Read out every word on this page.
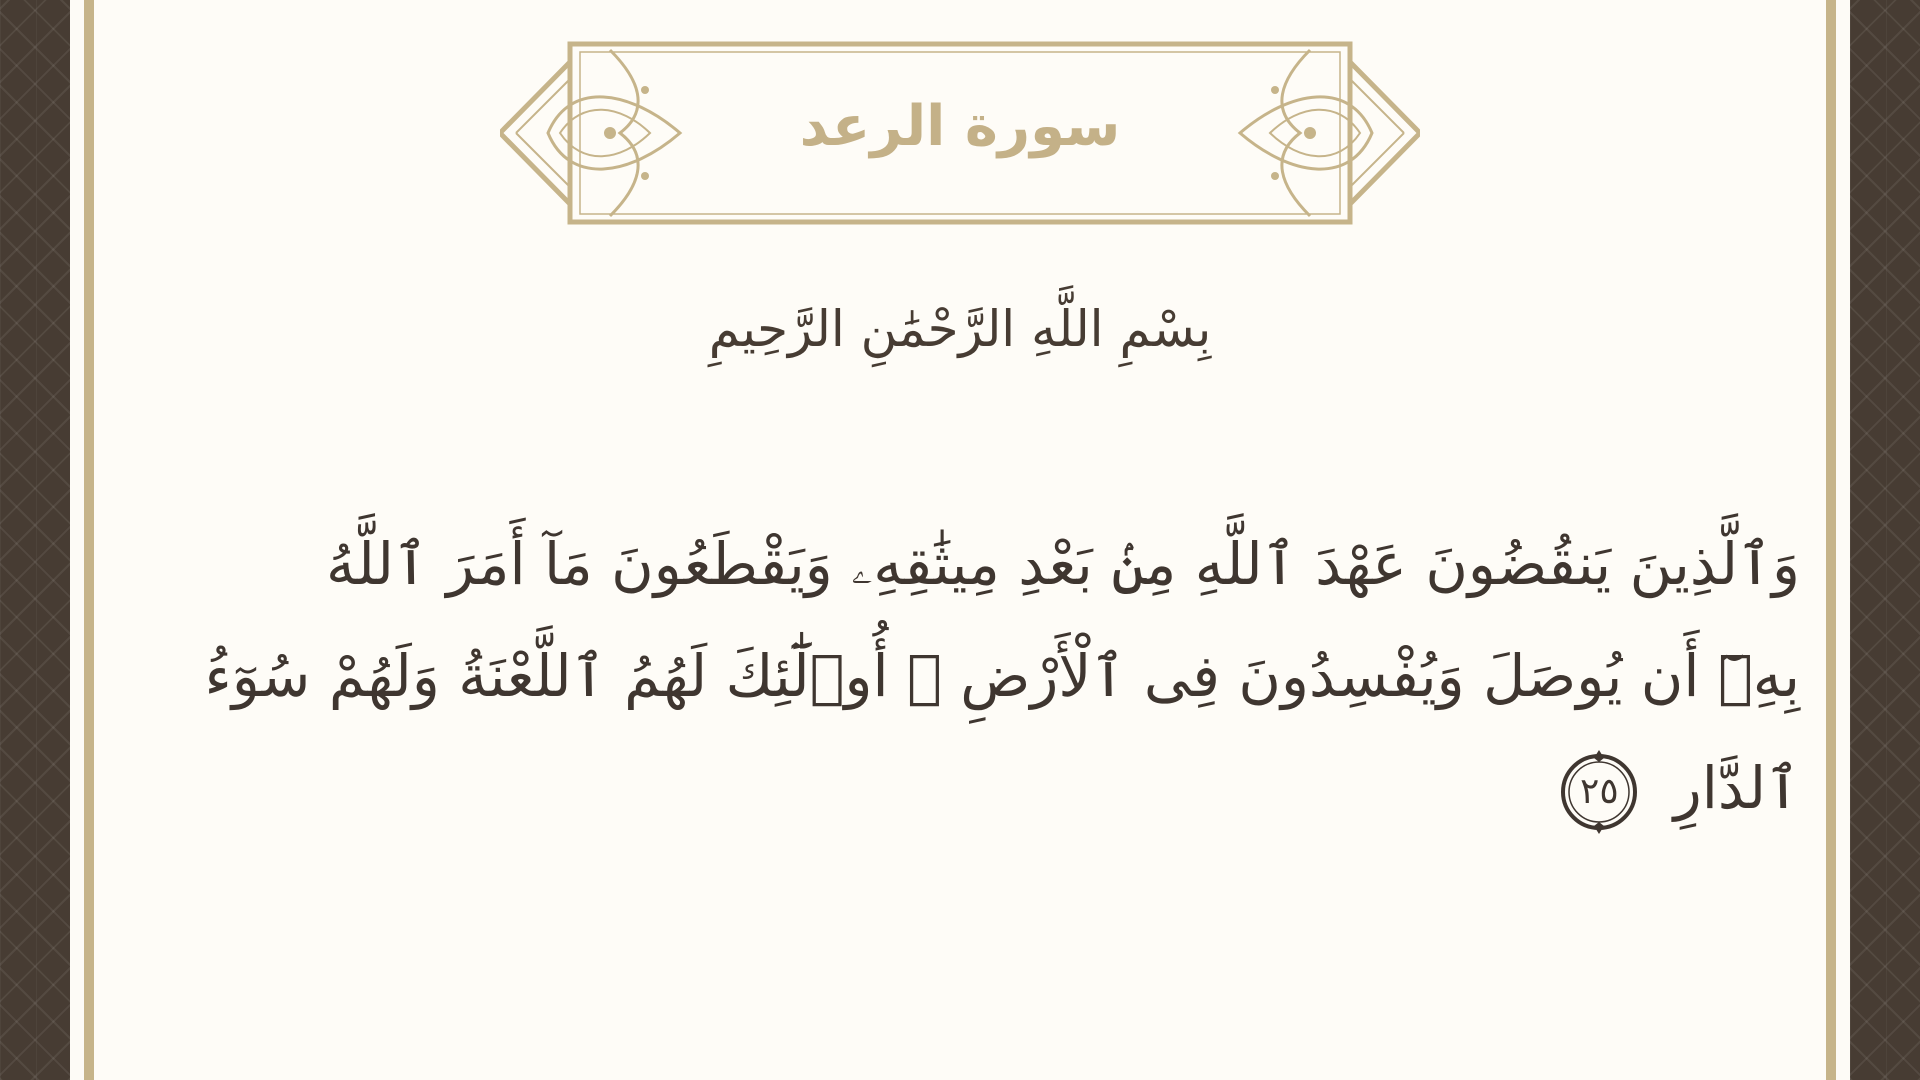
سورة الرعد
بِسْمِ اللَّهِ الرَّحْمَٰنِ الرَّحِيمِ
وَٱلَّذِينَ يَنقُضُونَ عَهْدَ ٱللَّهِ مِنۢ بَعْدِ مِيثَٰقِهِۦ وَيَقْطَعُونَ مَآ أَمَرَ ٱللَّهُ
بِهِۦٓ أَن يُوصَلَ وَيُفْسِدُونَ فِى ٱلْأَرْضِ ۙ أُو۟لَٰٓئِكَ لَهُمُ ٱللَّعْنَةُ وَلَهُمْ سُوٓءُ
ٱلدَّارِ
٢٥
